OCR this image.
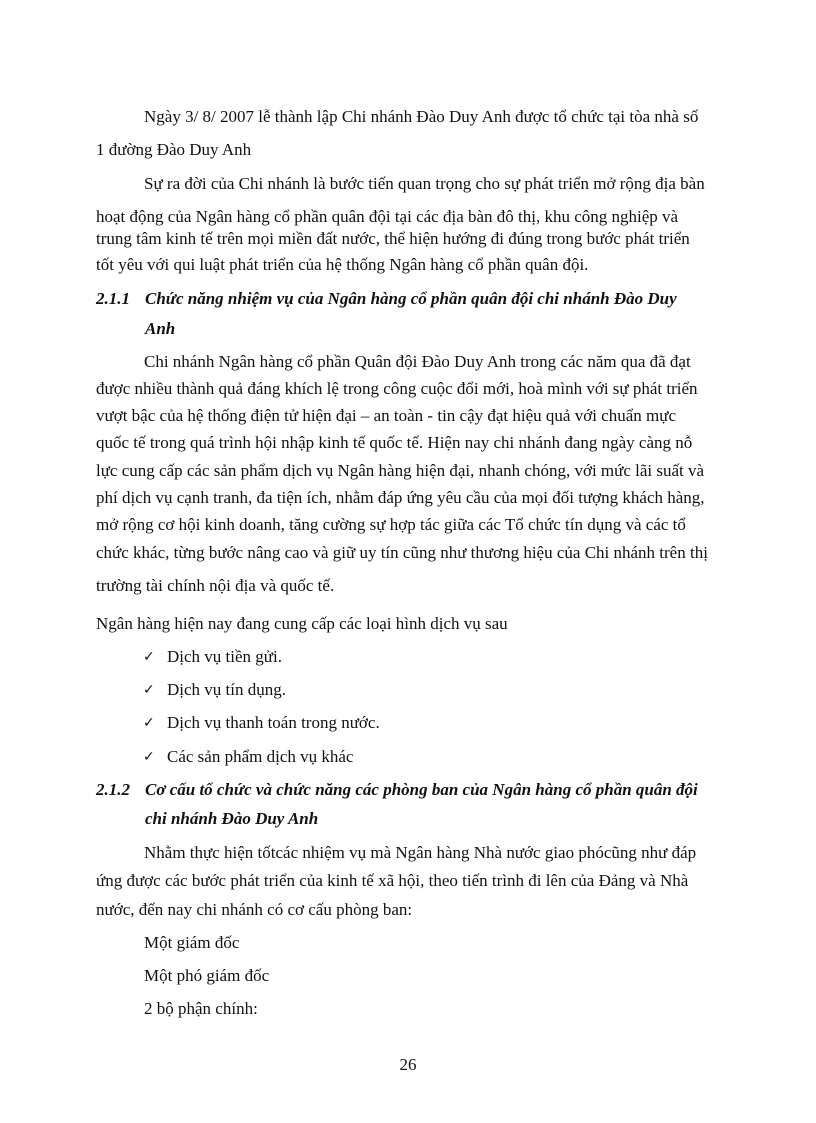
Ngày 3/ 8/ 2007 lễ thành lập Chi nhánh Đào Duy Anh được tổ chức tại tòa nhà số
1 đường Đào Duy Anh
Sự ra đời của Chi nhánh là bước tiến quan trọng cho sự phát triển mở rộng địa bàn
hoạt động của Ngân hàng cổ phần quân đội tại các địa bàn đô thị, khu công nghiệp và
trung tâm kinh tế trên mọi miền đất nước, thể hiện hướng đi đúng trong bước phát triển
tốt yêu với qui luật phát triển của hệ thống Ngân hàng cổ phần quân đội.
2.1.1 Chức năng nhiệm vụ của Ngân hàng cổ phần quân đội chi nhánh Đào Duy
Anh
Chi nhánh Ngân hàng cổ phần Quân đội Đào Duy Anh trong các năm qua đã đạt
được nhiều thành quả đáng khích lệ trong công cuộc đổi mới, hoà mình với sự phát triển
vượt bậc của hệ thống điện tử hiện đại – an toàn - tin cậy đạt hiệu quả với chuẩn mực
quốc tế trong quá trình hội nhập kinh tế quốc tế. Hiện nay chi nhánh đang ngày càng nỗ
lực cung cấp các sản phẩm dịch vụ Ngân hàng hiện đại, nhanh chóng, với mức lãi suất và
phí dịch vụ cạnh tranh, đa tiện ích, nhằm đáp ứng yêu cầu của mọi đối tượng khách hàng,
mở rộng cơ hội kinh doanh, tăng cường sự hợp tác giữa các Tổ chức tín dụng và các tổ
chức khác, từng bước nâng cao và giữ uy tín cũng như thương hiệu của Chi nhánh trên thị
trường tài chính nội địa và quốc tế.
Ngân hàng hiện nay đang cung cấp các loại hình dịch vụ sau
✓ Dịch vụ tiền gửi.
✓ Dịch vụ tín dụng.
✓ Dịch vụ thanh toán trong nước.
✓ Các sản phẩm dịch vụ khác
2.1.2 Cơ cấu tổ chức và chức năng các phòng ban của Ngân hàng cổ phần quân đội
chi nhánh Đào Duy Anh
Nhằm thực hiện tốtcác nhiệm vụ mà Ngân hàng Nhà nước giao phócũng như đáp
ứng được các bước phát triển của kinh tế xã hội, theo tiến trình đi lên của Đảng và Nhà
nước, đến nay chi nhánh có cơ cấu phòng ban:
Một giám đốc
Một phó giám đốc
2 bộ phận chính:
26
